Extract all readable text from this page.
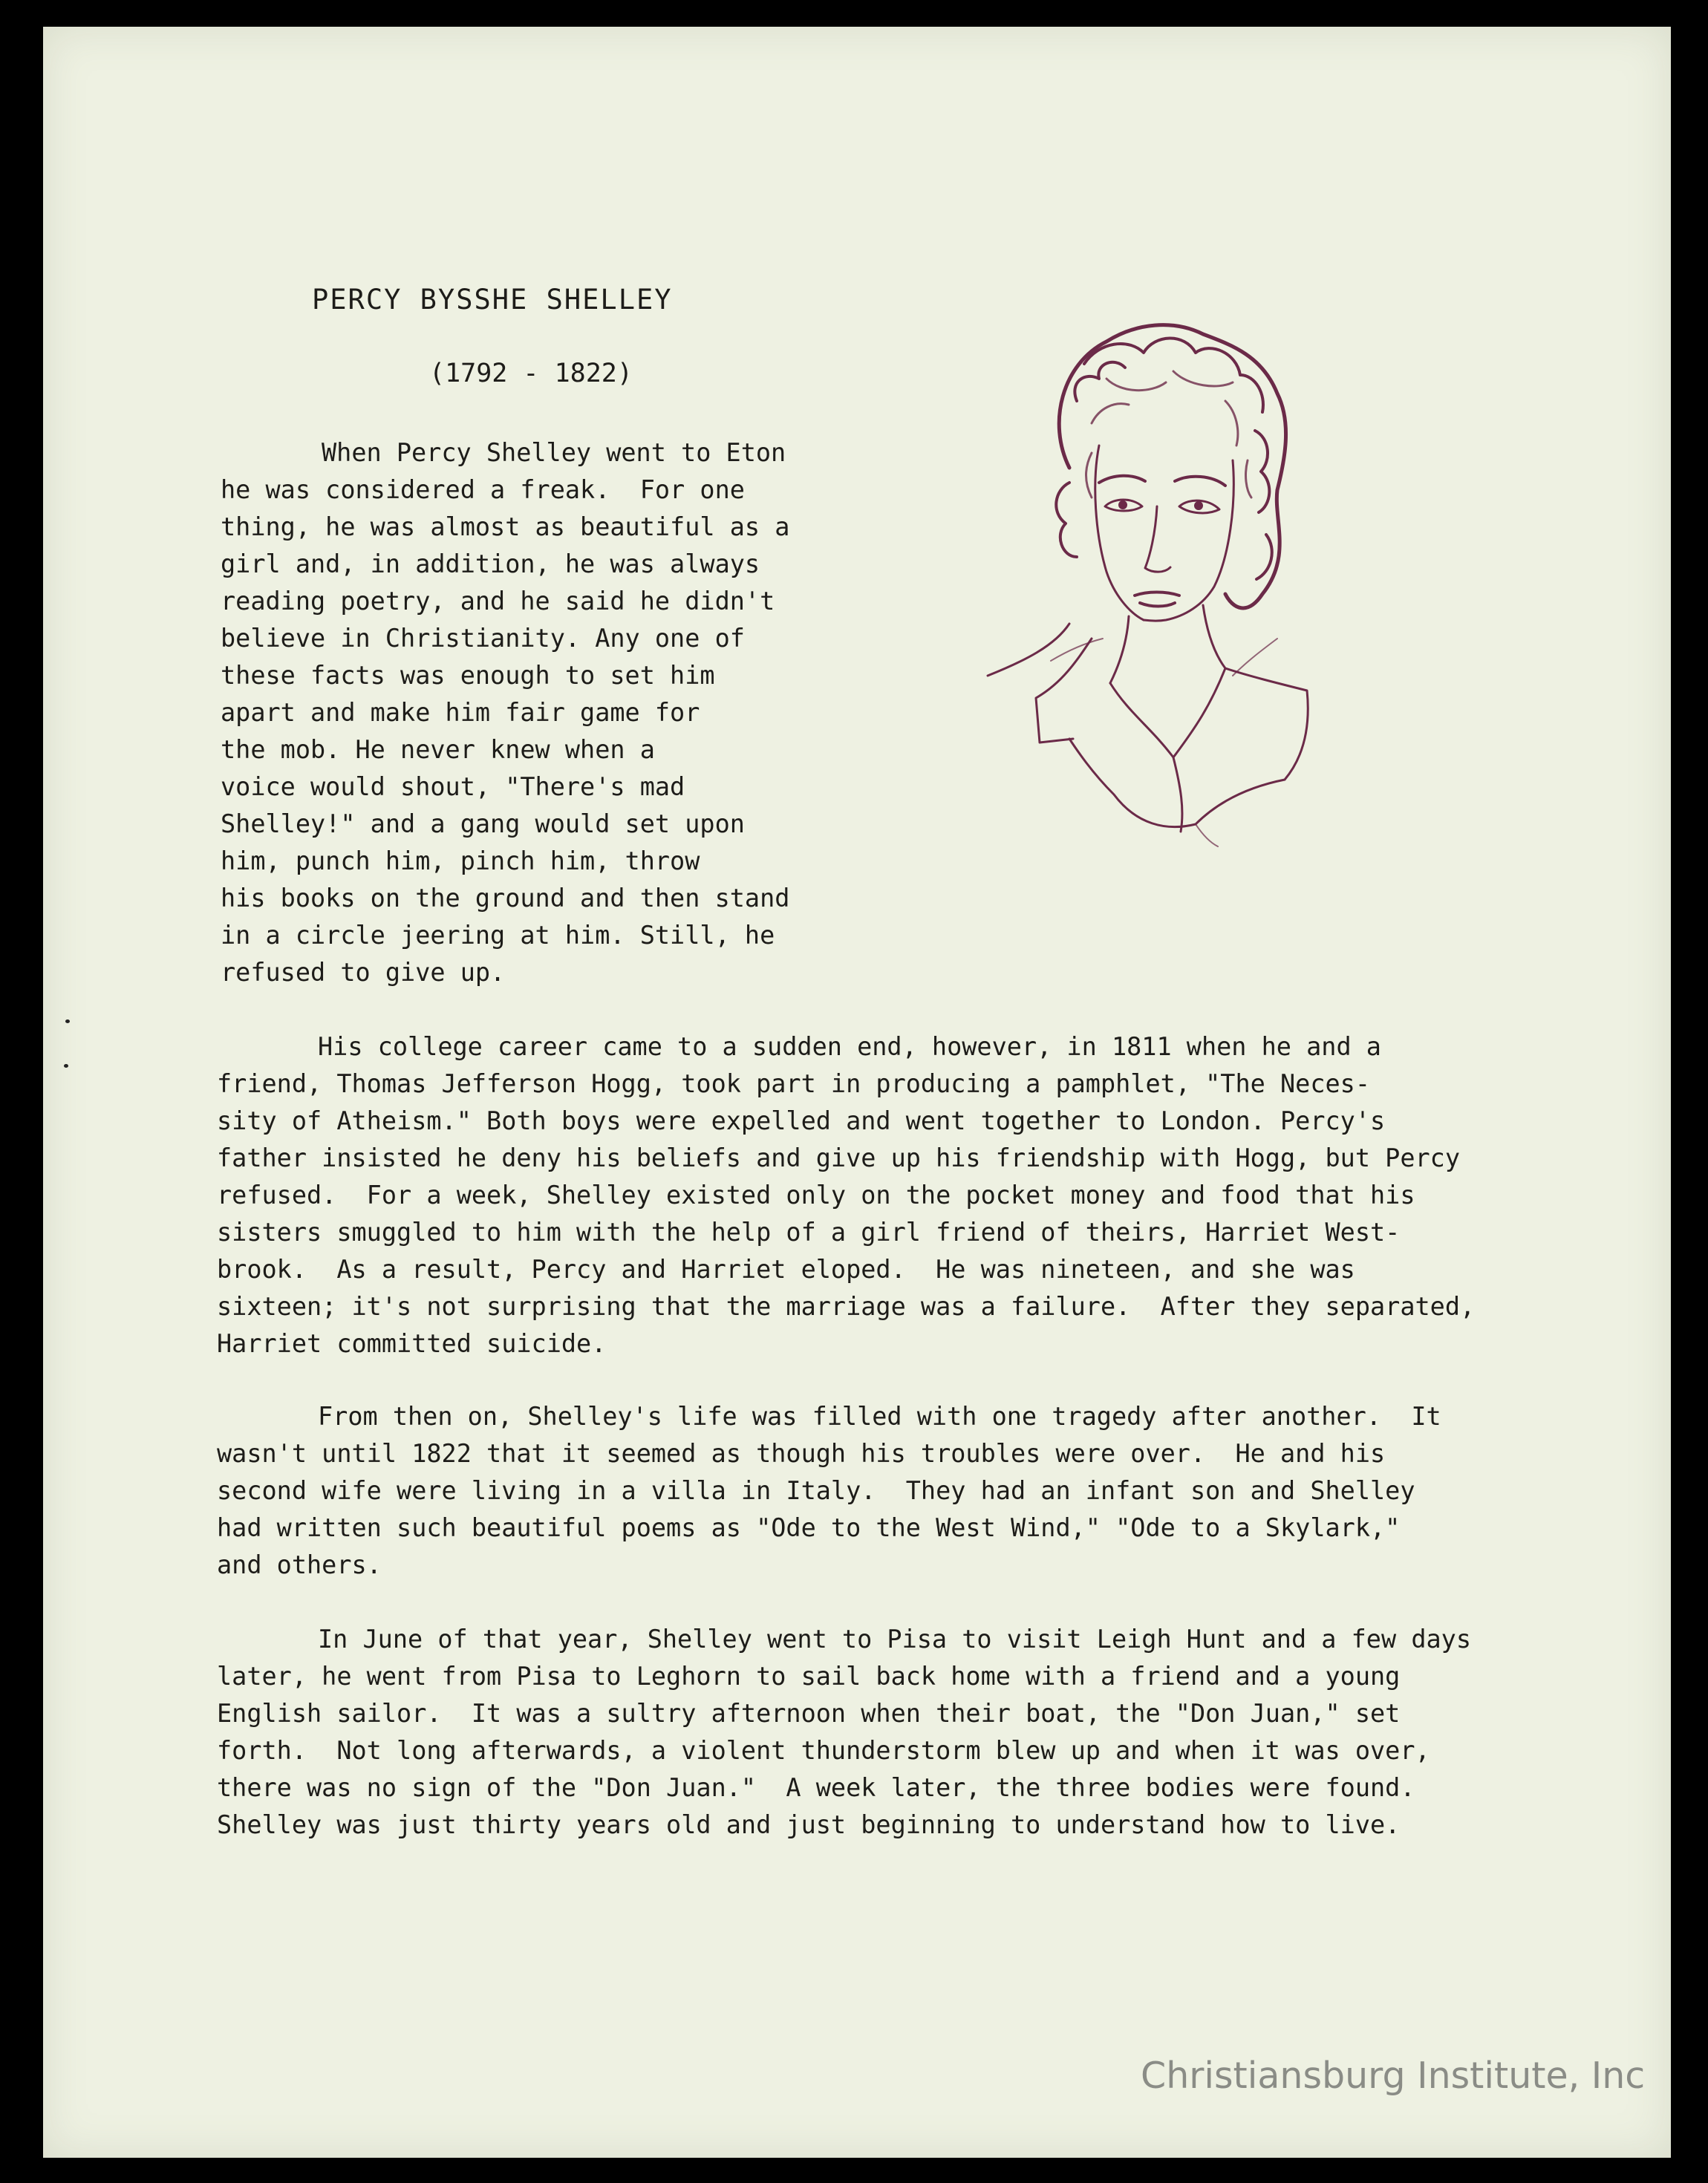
PERCY BYSSHE SHELLEY
(1792 - 1822)
When Percy Shelley went to Eton
he was considered a freak.  For one
thing, he was almost as beautiful as a
girl and, in addition, he was always
reading poetry, and he said he didn't
believe in Christianity. Any one of
these facts was enough to set him
apart and make him fair game for
the mob. He never knew when a
voice would shout, "There's mad
Shelley!" and a gang would set upon
him, punch him, pinch him, throw
his books on the ground and then stand
in a circle jeering at him. Still, he
refused to give up.
His college career came to a sudden end, however, in 1811 when he and a
friend, Thomas Jefferson Hogg, took part in producing a pamphlet, "The Neces-
sity of Atheism." Both boys were expelled and went together to London. Percy's
father insisted he deny his beliefs and give up his friendship with Hogg, but Percy
refused.  For a week, Shelley existed only on the pocket money and food that his
sisters smuggled to him with the help of a girl friend of theirs, Harriet West-
brook.  As a result, Percy and Harriet eloped.  He was nineteen, and she was
sixteen; it's not surprising that the marriage was a failure.  After they separated,
Harriet committed suicide.
From then on, Shelley's life was filled with one tragedy after another.  It
wasn't until 1822 that it seemed as though his troubles were over.  He and his
second wife were living in a villa in Italy.  They had an infant son and Shelley
had written such beautiful poems as "Ode to the West Wind," "Ode to a Skylark,"
and others.
In June of that year, Shelley went to Pisa to visit Leigh Hunt and a few days
later, he went from Pisa to Leghorn to sail back home with a friend and a young
English sailor.  It was a sultry afternoon when their boat, the "Don Juan," set
forth.  Not long afterwards, a violent thunderstorm blew up and when it was over,
there was no sign of the "Don Juan."  A week later, the three bodies were found.
Shelley was just thirty years old and just beginning to understand how to live.
Christiansburg Institute, Inc
